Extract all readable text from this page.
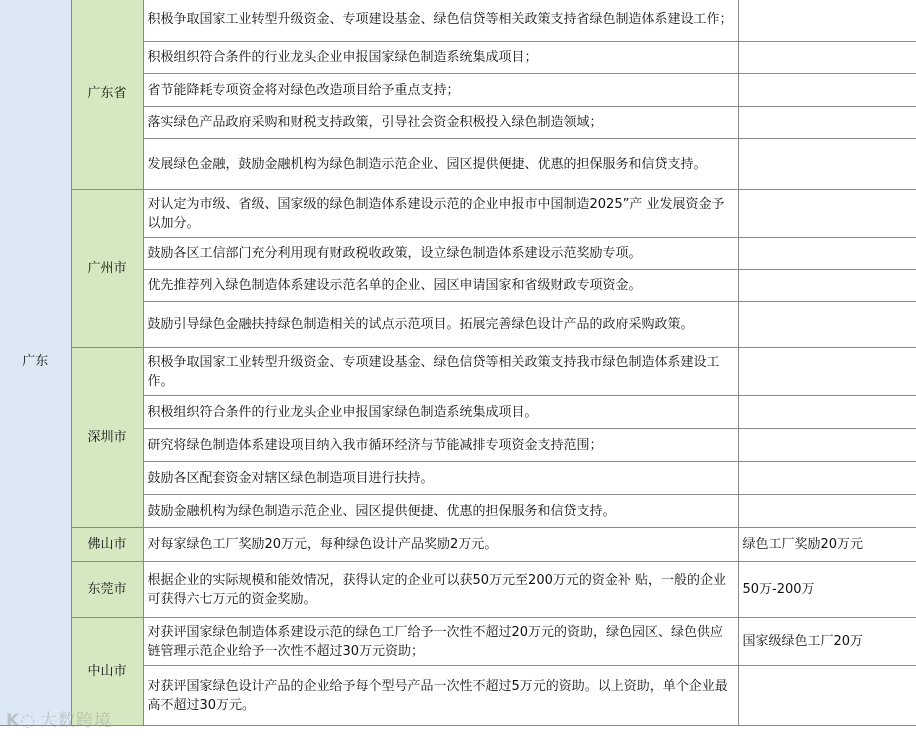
广东	广东省	积极争取国家工业转型升级资金、专项建设基金、绿色信贷等相关政策支持省绿色制造体系建设工作；	
		积极组织符合条件的行业龙头企业申报国家绿色制造系统集成项目；	
		省节能降耗专项资金将对绿色改造项目给予重点支持；	
		落实绿色产品政府采购和财税支持政策，引导社会资金积极投入绿色制造领域；	
		发展绿色金融，鼓励金融机构为绿色制造示范企业、园区提供便捷、优惠的担保服务和信贷支持。	
	广州市	对认定为市级、省级、国家级的绿色制造体系建设示范的企业申报市中国制造2025”产 业发展资金予以加分。	
		鼓励各区工信部门充分利用现有财政税收政策，设立绿色制造体系建设示范奖励专项。	
		优先推荐列入绿色制造体系建设示范名单的企业、园区申请国家和省级财政专项资金。	
		鼓励引导绿色金融扶持绿色制造相关的试点示范项目。拓展完善绿色设计产品的政府采购政策。	
	深圳市	积极争取国家工业转型升级资金、专项建设基金、绿色信贷等相关政策支持我市绿色制造体系建设工作。	
		积极组织符合条件的行业龙头企业申报国家绿色制造系统集成项目。	
		研究将绿色制造体系建设项目纳入我市循环经济与节能减排专项资金支持范围；	
		鼓励各区配套资金对辖区绿色制造项目进行扶持。	
		鼓励金融机构为绿色制造示范企业、园区提供便捷、优惠的担保服务和信贷支持。	
	佛山市	对每家绿色工厂奖励20万元，每种绿色设计产品奖励2万元。	绿色工厂奖励20万元
	东莞市	根据企业的实际规模和能效情况，获得认定的企业可以获50万元至200万元的资金补 贴，一般的企业可获得六七万元的资金奖励。	50万-200万
	中山市	对获评国家绿色制造体系建设示范的绿色工厂给予一次性不超过20万元的资助，绿色园区、绿色供应链管理示范企业给予一次性不超过30万元资助；	国家级绿色工厂20万
		对获评国家绿色设计产品的企业给予每个型号产品一次性不超过5万元的资助。以上资助，单个企业最高不超过30万元。	
K◌ 大数跨境
